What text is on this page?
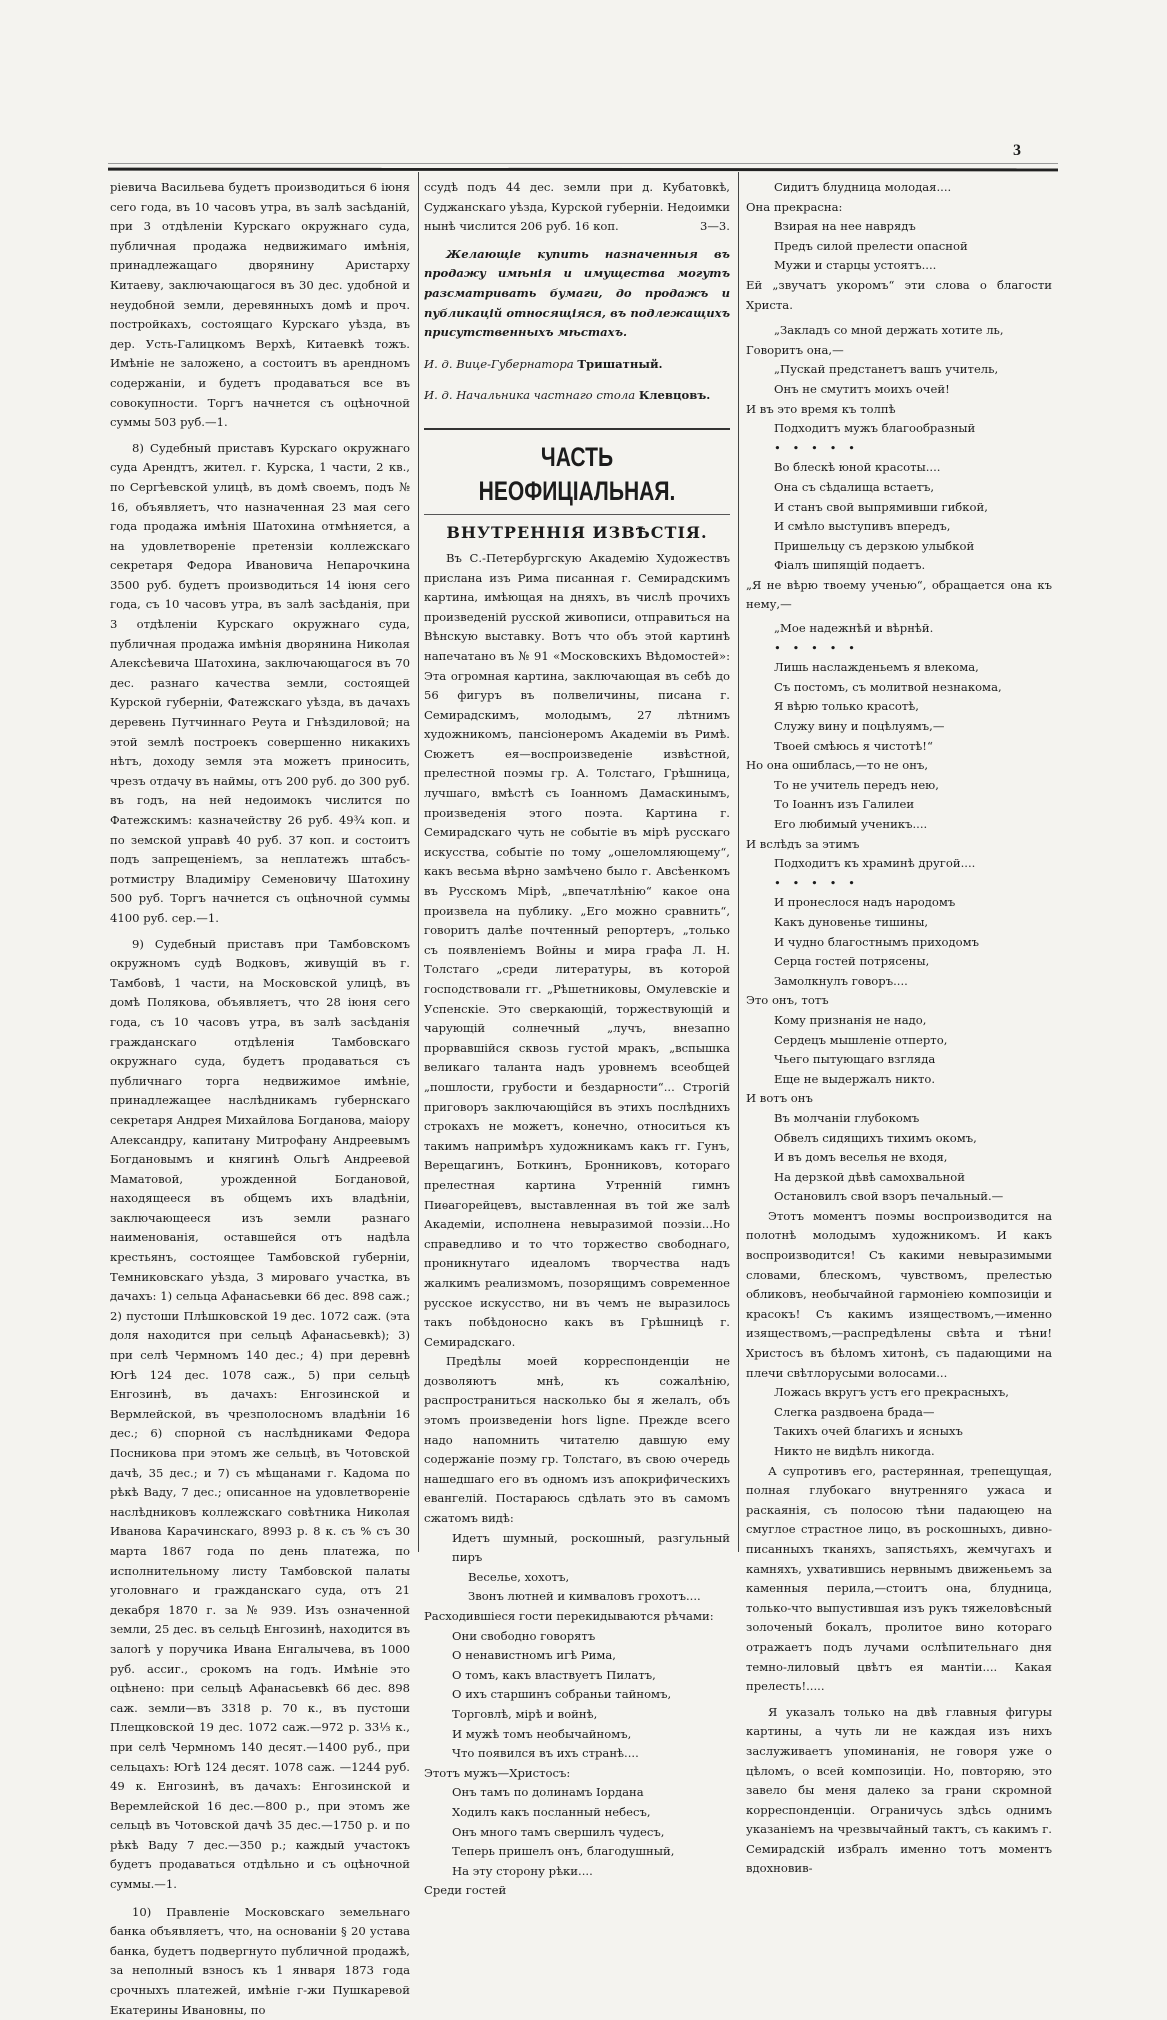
3

ріевича Васильева будетъ производиться 6 іюня сего года, въ 10 часовъ утра, въ залѣ засѣданій, при 3 отдѣленіи Курскаго окружнаго суда, публичная продажа недвижимаго имѣнія, принадлежащаго дворянину Аристарху Китаеву, заключающагося въ 30 дес. удобной и неудобной земли, деревянныхъ домѣ и проч. постройкахъ, состоящаго Курскаго уѣзда, въ дер. Усть-Галицкомъ Верхѣ, Китаевкѣ тожъ. Имѣніе не заложено, а состоитъ въ арендномъ содержаніи, и будетъ продаваться все въ совокупности. Торгъ начнется съ оцѣночной суммы 503 руб.—1.

8) Судебный приставъ Курскаго окружнаго суда Арендтъ, жител. г. Курска, 1 части, 2 кв., по Сергѣевской улицѣ, въ домѣ своемъ, подъ № 16, объявляетъ, что назначенная 23 мая сего года продажа имѣнія Шатохина отмѣняется, а на удовлетвореніе претензіи коллежскаго секретаря Федора Ивановича Непарочкина 3500 руб. будетъ производиться 14 іюня сего года, съ 10 часовъ утра, въ залѣ засѣданія, при 3 отдѣленіи Курскаго окружнаго суда, публичная продажа имѣнія дворянина Николая Алексѣевича Шатохина, заключающагося въ 70 дес. разнаго качества земли, состоящей Курской губерніи, Фатежскаго уѣзда, въ дачахъ деревень Путчиннаго Реута и Гнѣздиловой; на этой землѣ построекъ совершенно никакихъ нѣтъ, доходу земля эта можетъ приносить, чрезъ отдачу въ наймы, отъ 200 руб. до 300 руб. въ годъ, на ней недоимокъ числится по Фатежскимъ: казначейству 26 руб. 49¾ коп. и по земской управѣ 40 руб. 37 коп. и состоитъ подъ запрещеніемъ, за неплатежъ штабсъ-ротмистру Владиміру Семеновичу Шатохину 500 руб. Торгъ начнется съ оцѣночной суммы 4100 руб. сер.—1.

9) Судебный приставъ при Тамбовскомъ окружномъ судѣ Водковъ, живущій въ г. Тамбовѣ, 1 части, на Московской улицѣ, въ домѣ Полякова, объявляетъ, что 28 іюня сего года, съ 10 часовъ утра, въ залѣ засѣданія гражданскаго отдѣленія Тамбовскаго окружнаго суда, будетъ продаваться съ публичнаго торга недвижимое имѣніе, принадлежащее наслѣдникамъ губернскаго секретаря Андрея Михайлова Богданова, маіору Александру, капитану Митрофану Андреевымъ Богдановымъ и княгинѣ Ольгѣ Андреевой Маматовой, урожденной Богдановой, находящееся въ общемъ ихъ владѣніи, заключающееся изъ земли разнаго наименованія, оставшейся отъ надѣла крестьянъ, состоящее Тамбовской губерніи, Темниковскаго уѣзда, 3 мироваго участка, въ дачахъ: 1) сельца Афанасьевки 66 дес. 898 саж.; 2) пустоши Плѣшковской 19 дес. 1072 саж. (эта доля находится при сельцѣ Афанасьевкѣ); 3) при селѣ Чермномъ 140 дес.; 4) при деревнѣ Югѣ 124 дес. 1078 саж., 5) при сельцѣ Енгозинѣ, въ дачахъ: Енгозинской и Вермлейской, въ чрезполосномъ владѣніи 16 дес.; 6) спорной съ наслѣдниками Федора Посникова при этомъ же сельцѣ, въ Чотовской дачѣ, 35 дес.; и 7) съ мѣщанами г. Кадома по рѣкѣ Ваду, 7 дес.; описанное на удовлетвореніе наслѣдниковъ коллежскаго совѣтника Николая Иванова Карачинскаго, 8993 р. 8 к. съ % съ 30 марта 1867 года по день платежа, по исполнительному листу Тамбовской палаты уголовнаго и гражданскаго суда, отъ 21 декабря 1870 г. за № 939. Изъ означенной земли, 25 дес. въ сельцѣ Енгозинѣ, находится въ залогѣ у поручика Ивана Енгалычева, въ 1000 руб. ассиг., срокомъ на годъ. Имѣніе это оцѣнено: при сельцѣ Афанасьевкѣ 66 дес. 898 саж. земли—въ 3318 р. 70 к., въ пустоши Плещковской 19 дес. 1072 саж.—972 р. 33⅓ к., при селѣ Чермномъ 140 десят.—1400 руб., при сельцахъ: Югѣ 124 десят. 1078 саж. —1244 руб. 49 к. Енгозинѣ, въ дачахъ: Енгозинской и Веремлейской 16 дес.—800 р., при этомъ же сельцѣ въ Чотовской дачѣ 35 дес.—1750 р. и по рѣкѣ Ваду 7 дес.—350 р.; каждый участокъ будетъ продаваться отдѣльно и съ оцѣночной суммы.—1.

10) Правленіе Московскаго земельнаго банка объявляетъ, что, на основаніи § 20 устава банка, будетъ подвергнуто публичной продажѣ, за неполный взносъ къ 1 января 1873 года срочныхъ платежей, имѣніе г-жи Пушкаревой Екатерины Ивановны, по

ссудѣ подъ 44 дес. земли при д. Кубатовкѣ, Суджанскаго уѣзда, Курской губерніи. Недоимки нынѣ числится 206 руб. 16 коп.	3—3.

Желающіе купить назначенныя въ продажу имѣнія и имущества могутъ разсматривать бумаги, до продажъ и публикацій относящіяся, въ подлежащихъ присутственныхъ мѣстахъ.

И. д. Вице-Губернатора Тришатный.

И. д. Начальника частнаго стола Клевцовъ.

ЧАСТЬ НЕОФИЦІАЛЬНАЯ.

ВНУТРЕННІЯ ИЗВѢСТІЯ.

Въ С.-Петербургскую Академію Художествъ прислана изъ Рима писанная г. Семирадскимъ картина, имѣющая на дняхъ, въ числѣ прочихъ произведеній русской живописи, отправиться на Вѣнскую выставку. Вотъ что объ этой картинѣ напечатано въ № 91 «Московскихъ Вѣдомостей»: Эта огромная картина, заключающая въ себѣ до 56 фигуръ въ полвеличины, писана г. Семирадскимъ, молодымъ, 27 лѣтнимъ художникомъ, пансіонеромъ Академіи въ Римѣ. Сюжетъ ея—воспроизведеніе извѣстной, прелестной поэмы гр. А. Толстаго, Грѣшница, лучшаго, вмѣстѣ съ Іоанномъ Дамаскинымъ, произведенія этого поэта. Картина г. Семирадскаго чуть не событіе въ мірѣ русскаго искусства, событіе по тому „ошеломляющему“, какъ весьма вѣрно замѣчено было г. Авсѣенкомъ въ Русскомъ Мірѣ, „впечатлѣнію“ какое она произвела на публику. „Его можно сравнить“, говоритъ далѣе почтенный репортеръ, „только съ появленіемъ Войны и мира графа Л. Н. Толстаго „среди литературы, въ которой господствовали гг. „Рѣшетниковы, Омулевскіе и Успенскіе. Это сверкающій, торжествующій и чарующій солнечный „лучъ, внезапно прорвавшійся сквозь густой мракъ, „вспышка великаго таланта надъ уровнемъ всеобщей „пошлости, грубости и бездарности“... Строгій приговоръ заключающійся въ этихъ послѣднихъ строкахъ не можетъ, конечно, относиться къ такимъ напримѣръ художникамъ какъ гг. Гунъ, Верещагинъ, Боткинъ, Бронниковъ, котораго прелестная картина Утренній гимнъ Пиѳагорейцевъ, выставленная въ той же залѣ Академіи, исполнена невыразимой поэзіи...Но справедливо и то что торжество свободнаго, проникнутаго идеаломъ творчества надъ жалкимъ реализмомъ, позорящимъ современное русское искусство, ни въ чемъ не выразилось такъ побѣдоносно какъ въ Грѣшницѣ г. Семирадскаго.

Предѣлы моей корреспонденціи не дозволяютъ мнѣ, къ сожалѣнію, распространиться насколько бы я желалъ, объ этомъ произведеніи hors ligne. Прежде всего надо напомнить читателю давшую ему содержаніе поэму гр. Толстаго, въ свою очередь нашедшаго его въ одномъ изъ апокрифическихъ евангелій. Постараюсь сдѣлать это въ самомъ сжатомъ видѣ:

Идетъ шумный, роскошный, разгульный пиръ

Веселье, хохотъ,

Звонъ лютней и кимваловъ грохотъ....

Расходившіеся гости перекидываются рѣчами:

Они свободно говорятъ

О ненавистномъ игѣ Рима,

О томъ, какъ властвуетъ Пилатъ,

О ихъ старшинъ собраньи тайномъ,

Торговлѣ, мірѣ и войнѣ,

И мужѣ томъ необычайномъ,

Что появился въ ихъ странѣ....

Этотъ мужъ—Христосъ:

Онъ тамъ по долинамъ Іордана

Ходилъ какъ посланный небесъ,

Онъ много тамъ свершилъ чудесъ,

Теперь пришелъ онъ, благодушный,

На эту сторону рѣки....

Среди гостей

Сидитъ блудница молодая....

Она прекрасна:

Взирая на нее наврядъ

Предъ силой прелести опасной

Мужи и старцы устоятъ....

Ей „звучатъ укоромъ“ эти слова о благости Христа.

„Закладъ со мной держать хотите ль,

Говоритъ она,—

„Пускай предстанетъ вашъ учитель,

Онъ не смутитъ моихъ очей!

И въ это время къ толпѣ

Подходитъ мужъ благообразный

• • • • •

Во блескѣ юной красоты....

Она съ сѣдалища встаетъ,

И станъ свой выпрямивши гибкой,

И смѣло выступивъ впередъ,

Пришельцу съ дерзкою улыбкой

Фіалъ шипящій подаетъ.

„Я не вѣрю твоему ученью“, обращается она къ нему,—

„Мое надежнѣй и вѣрнѣй.

• • • • •

Лишь наслажденьемъ я влекома,

Съ постомъ, съ молитвой незнакома,

Я вѣрю только красотѣ,

Служу вину и поцѣлуямъ,—

Твоей смѣюсь я чистотѣ!“

Но она ошиблась,—то не онъ,

То не учитель передъ нею,

То Іоаннъ изъ Галилеи

Его любимый ученикъ....

И вслѣдъ за этимъ

Подходитъ къ храминѣ другой....

• • • • •

И пронеслося надъ народомъ

Какъ дуновенье тишины,

И чудно благостнымъ приходомъ

Серца гостей потрясены,

Замолкнулъ говоръ....

Это онъ, тотъ

Кому признанія не надо,

Сердецъ мышленіе отперто,

Чьего пытующаго взгляда

Еще не выдержалъ никто.

И вотъ онъ

Въ молчаніи глубокомъ

Обвелъ сидящихъ тихимъ окомъ,

И въ домъ веселья не входя,

На дерзкой дѣвѣ самохвальной

Остановилъ свой взоръ печальный.—

Этотъ моментъ поэмы воспроизводится на полотнѣ молодымъ художникомъ. И какъ воспроизводится! Съ какими невыразимыми словами, блескомъ, чувствомъ, прелестью обликовъ, необычайной гармоніею композиціи и красокъ! Съ какимъ изяществомъ,—именно изяществомъ,—распредѣлены свѣта и тѣни! Христосъ въ бѣломъ хитонѣ, съ падающими на плечи свѣтлорусыми волосами...

Ложась вкругъ устъ его прекрасныхъ,

Слегка раздвоена брада—

Такихъ очей благихъ и ясныхъ

Никто не видѣлъ никогда.

А супротивъ его, растерянная, трепещущая, полная глубокаго внутренняго ужаса и раскаянія, съ полосою тѣни падающею на смуглое страстное лицо, въ роскошныхъ, дивно-писанныхъ тканяхъ, запястьяхъ, жемчугахъ и камняхъ, ухватившись нервнымъ движеньемъ за каменныя перила,—стоитъ она, блудница, только-что выпустившая изъ рукъ тяжеловѣсный золоченый бокалъ, пролитое вино котораго отражаетъ подъ лучами ослѣпительнаго дня темно-лиловый цвѣтъ ея мантіи.... Какая прелесть!.....

Я указалъ только на двѣ главныя фигуры картины, а чуть ли не каждая изъ нихъ заслуживаетъ упоминанія, не говоря уже о цѣломъ, о всей композиціи. Но, повторяю, это завело бы меня далеко за грани скромной корреспонденціи. Ограничусь здѣсь однимъ указаніемъ на чрезвычайный тактъ, съ какимъ г. Семирадскій избралъ именно тотъ моментъ вдохновив-
